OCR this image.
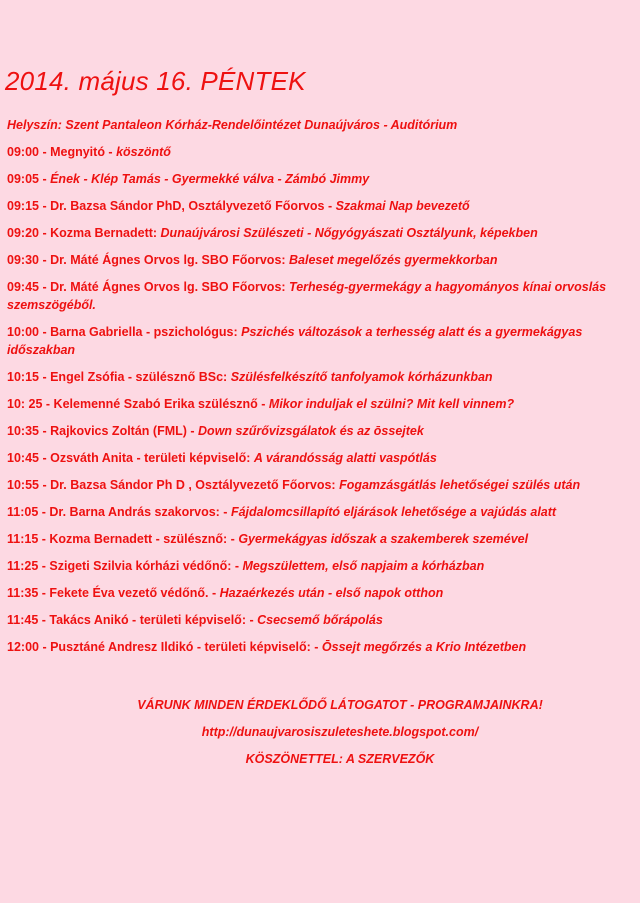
2014. május 16. PÉNTEK
Helyszín: Szent Pantaleon Kórház-Rendelőintézet Dunaújváros - Auditórium
09:00 - Megnyitó - köszöntő
09:05 - Ének - Klép Tamás - Gyermekké válva - Zámbó Jimmy
09:15 - Dr. Bazsa Sándor PhD, Osztályvezető Főorvos - Szakmai Nap bevezető
09:20 - Kozma Bernadett: Dunaújvárosi Szülészeti - Nőgyógyászati Osztályunk, képekben
09:30 - Dr. Máté Ágnes Orvos lg. SBO Főorvos: Baleset megelőzés gyermekkorban
09:45 - Dr. Máté Ágnes Orvos lg. SBO Főorvos: Terheség-gyermekágy a hagyományos kínai orvoslás szemszögéből.
10:00 - Barna Gabriella - pszichológus: Pszichés változások a terhesség alatt és a gyermekágyas időszakban
10:15 - Engel Zsófia - szülésznő BSc: Szülésfelkészítő tanfolyamok kórházunkban
10: 25 - Kelemenné Szabó Erika szülésznő - Mikor induljak el szülni? Mit kell vinnem?
10:35 - Rajkovics Zoltán (FML) - Down szűrővizsgálatok és az ōssejtek
10:45 - Ozsváth Anita - területi képviselő: A várandósság alatti vaspótlás
10:55 - Dr. Bazsa Sándor Ph D , Osztályvezető Főorvos: Fogamzásgátlás lehetőségei szülés után
11:05 - Dr. Barna András szakorvos: - Fájdalomcsillapító eljárások lehetősége a vajúdás alatt
11:15 - Kozma Bernadett - szülésznő: - Gyermekágyas időszak a szakemberek szemével
11:25 - Szigeti Szilvia kórházi védőnő: - Megszülettem, első napjaim a kórházban
11:35 - Fekete Éva vezető védőnő. - Hazaérkezés után - első napok otthon
11:45 - Takács Anikó - területi képviselő: - Csecsemő bőrápolás
12:00 - Pusztáné Andresz Ildikó - területi képviselő: - Ōssejt megőrzés a Krio Intézetben
VÁRUNK MINDEN ÉRDEKLŐDŐ LÁTOGATOT - PROGRAMJAINKRA!
http://dunaujvarosiszuleteshete.blogspot.com/
KÖSZÖNETTEL: A SZERVEZŐK
